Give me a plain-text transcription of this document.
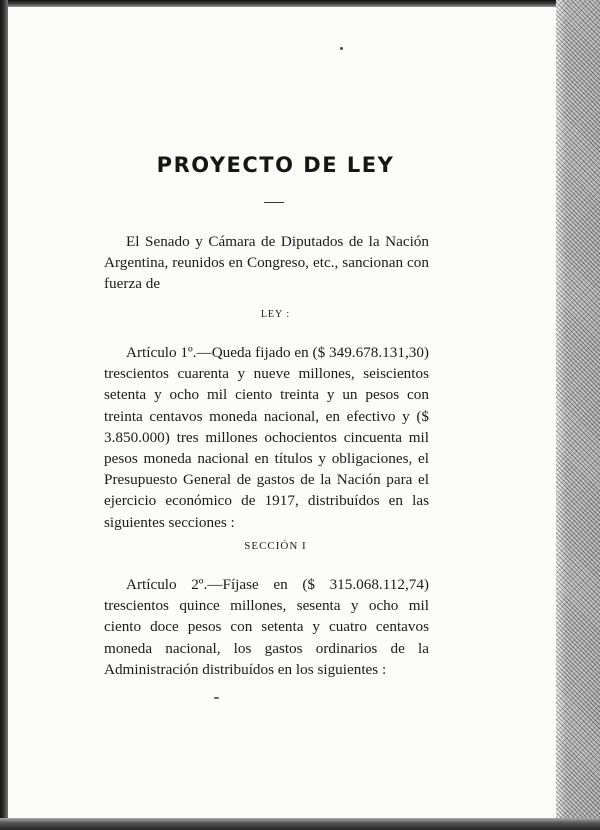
PROYECTO DE LEY

El Senado y Cámara de Diputados de la Nación Argentina, reunidos en Congreso, etc., sancionan con fuerza de

LEY :

Artículo 1º.—Queda fijado en ($ 349.678.131,30) trescientos cuarenta y nueve millones, seiscientos setenta y ocho mil ciento treinta y un pesos con treinta centavos moneda nacional, en efectivo y ($ 3.850.000) tres millones ochocientos cincuenta mil pesos moneda nacional en títulos y obligaciones, el Presupuesto General de gastos de la Nación para el ejercicio económico de 1917, distribuídos en las siguientes secciones :

SECCIÓN I

Artículo 2º.—Fíjase en ($ 315.068.112,74) trescientos quince millones, sesenta y ocho mil ciento doce pesos con setenta y cuatro centavos moneda nacional, los gastos ordinarios de la Administración distribuídos en los siguientes :
